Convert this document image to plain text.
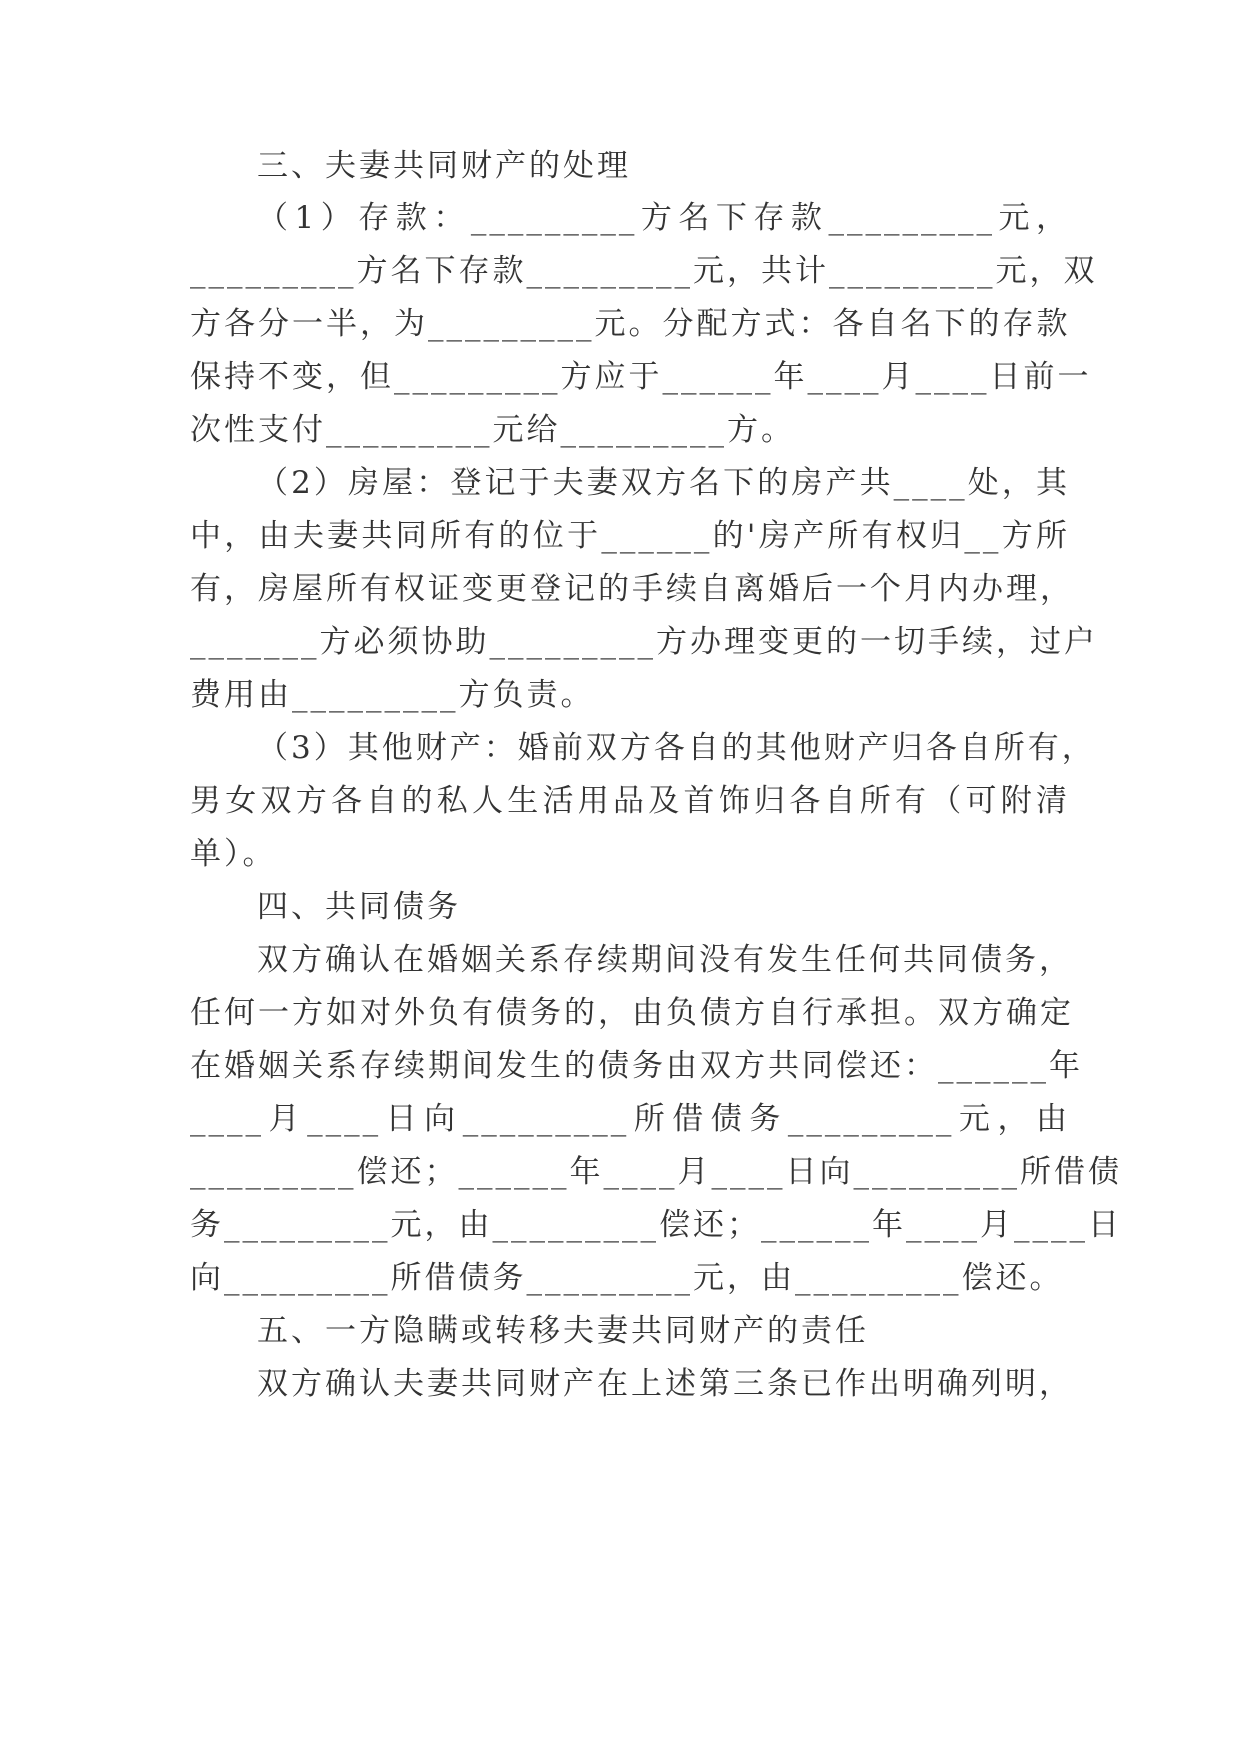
三、夫妻共同财产的处理
（1）存款：_________方名下存款_________元，
_________方名下存款_________元，共计_________元，双
方各分一半，为_________元。分配方式：各自名下的存款
保持不变，但_________方应于______年____月____日前一
次性支付_________元给_________方。
（2）房屋：登记于夫妻双方名下的房产共____处，其
中，由夫妻共同所有的位于______的'房产所有权归__方所
有，房屋所有权证变更登记的手续自离婚后一个月内办理，
_______方必须协助_________方办理变更的一切手续，过户
费用由_________方负责。
（3）其他财产：婚前双方各自的其他财产归各自所有，
男女双方各自的私人生活用品及首饰归各自所有（可附清
单）。
四、共同债务
双方确认在婚姻关系存续期间没有发生任何共同债务，
任何一方如对外负有债务的，由负债方自行承担。双方确定
在婚姻关系存续期间发生的债务由双方共同偿还：______年
____月____日向_________所借债务_________元，由
_________偿还；______年____月____日向_________所借债
务_________元，由_________偿还；______年____月____日
向_________所借债务_________元，由_________偿还。
五、一方隐瞒或转移夫妻共同财产的责任
双方确认夫妻共同财产在上述第三条已作出明确列明，
